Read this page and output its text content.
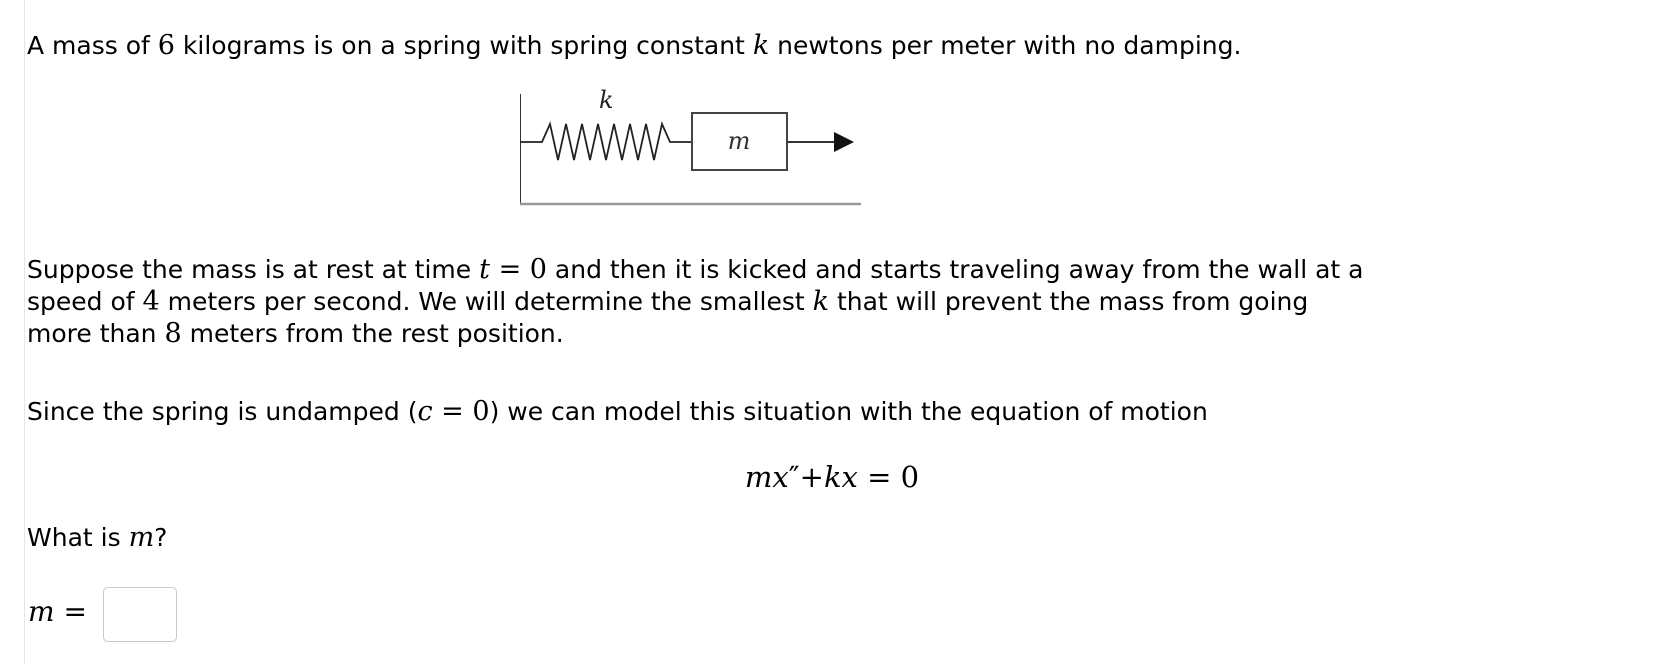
A mass of 6 kilograms is on a spring with spring constant k newtons per meter with no damping.
k
m
Suppose the mass is at rest at time t = 0 and then it is kicked and starts traveling away from the wall at a
speed of 4 meters per second. We will determine the smallest k that will prevent the mass from going
more than 8 meters from the rest position.
Since the spring is undamped (c = 0) we can model this situation with the equation of motion
mx″+kx = 0
What is m?
m =
